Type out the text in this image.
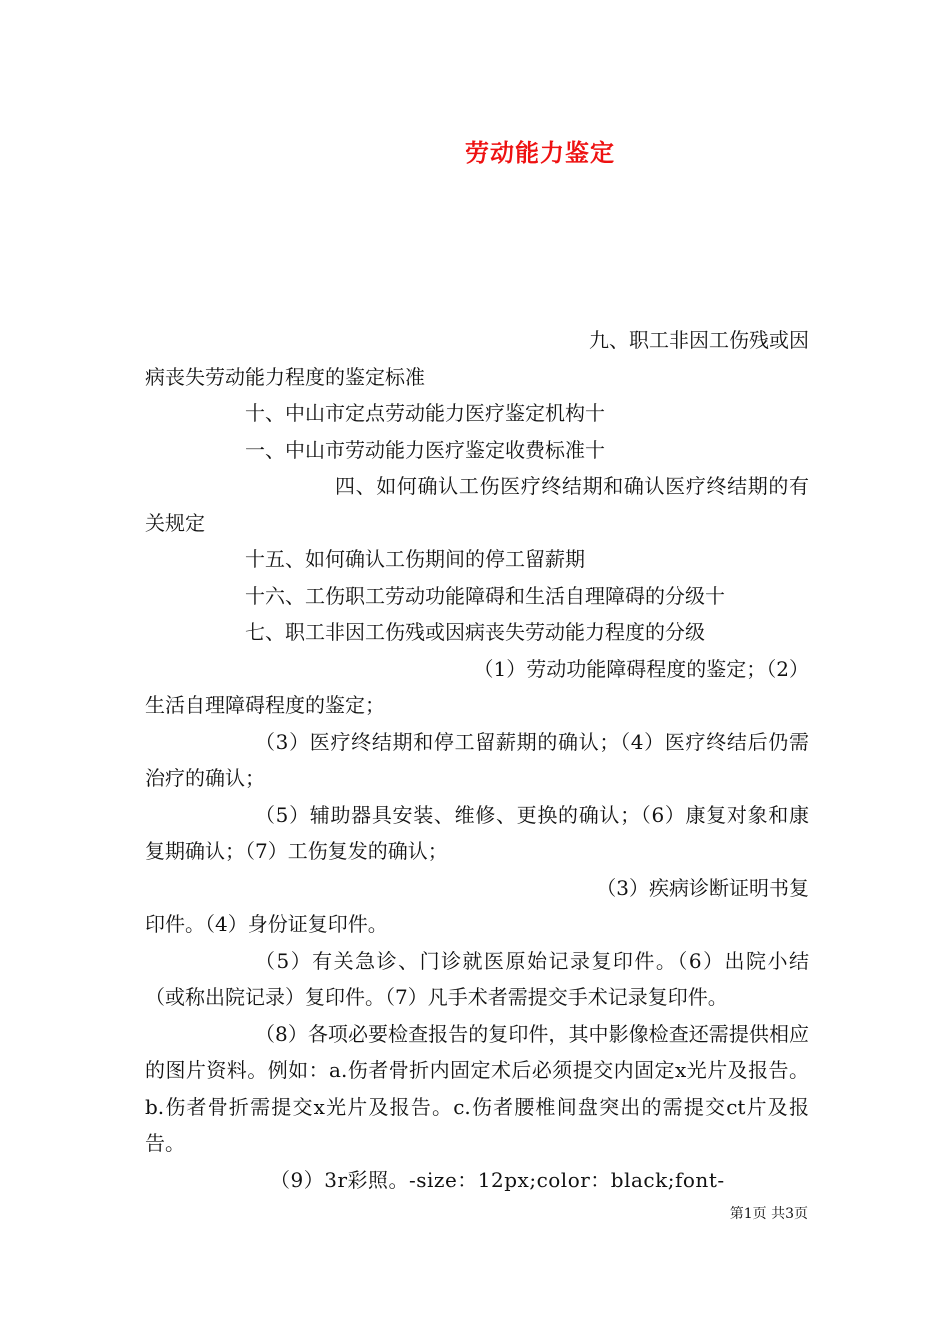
劳动能力鉴定

九、职工非因工伤残或因

病丧失劳动能力程度的鉴定标准

十、中山市定点劳动能力医疗鉴定机构十

一、中山市劳动能力医疗鉴定收费标准十

四、如何确认工伤医疗终结期和确认医疗终结期的有关规定

十五、如何确认工伤期间的停工留薪期

十六、工伤职工劳动功能障碍和生活自理障碍的分级十

七、职工非因工伤残或因病丧失劳动能力程度的分级

（1）劳动功能障碍程度的鉴定；（2）

生活自理障碍程度的鉴定；

（3）医疗终结期和停工留薪期的确认；（4）医疗终结后仍需治疗的确认；

（5）辅助器具安装、维修、更换的确认；（6）康复对象和康复期确认；（7）工伤复发的确认；

（3）疾病诊断证明书复

印件。（4）身份证复印件。

（5）有关急诊、门诊就医原始记录复印件。（6）出院小结（或称出院记录）复印件。（7）凡手术者需提交手术记录复印件。

（8）各项必要检查报告的复印件，其中影像检查还需提供相应的图片资料。例如：a.伤者骨折内固定术后必须提交内固定x光片及报告。b.伤者骨折需提交x光片及报告。c.伤者腰椎间盘突出的需提交ct片及报告。

（9）3r彩照。-size：12px;color：black;font-

第1页 共3页
